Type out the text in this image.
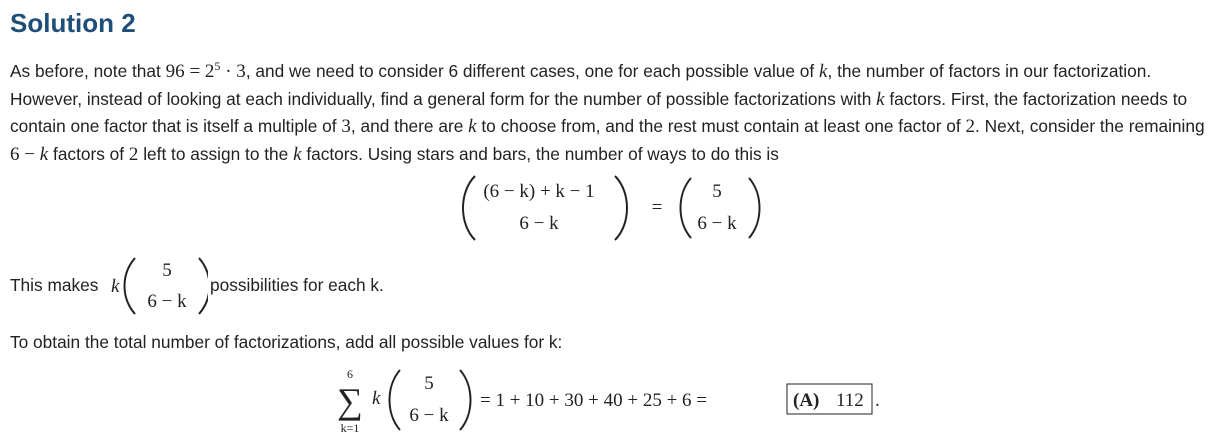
Solution 2

As before, note that $96 = 2^5 \cdot 3$, and we need to consider 6 different cases, one for each possible value of k, the number of factors in our factorization. However, instead of looking at each individually, find a general form for the number of possible factorizations with k factors. First, the factorization needs to contain one factor that is itself a multiple of 3, and there are k to choose from, and the rest must contain at least one factor of 2. Next, consider the remaining 6 − k factors of 2 left to assign to the k factors. Using stars and bars, the number of ways to do this is

(6 − k) + k − 1
6 − k
=
5
6 − k
This makes k
5
6 − k
possibilities for each k.
To obtain the total number of factorizations, add all possible values for k:
6
∑
k=1
k
5
6 − k
= 1 + 10 + 30 + 40 + 25 + 6 =	(A) 112 .
